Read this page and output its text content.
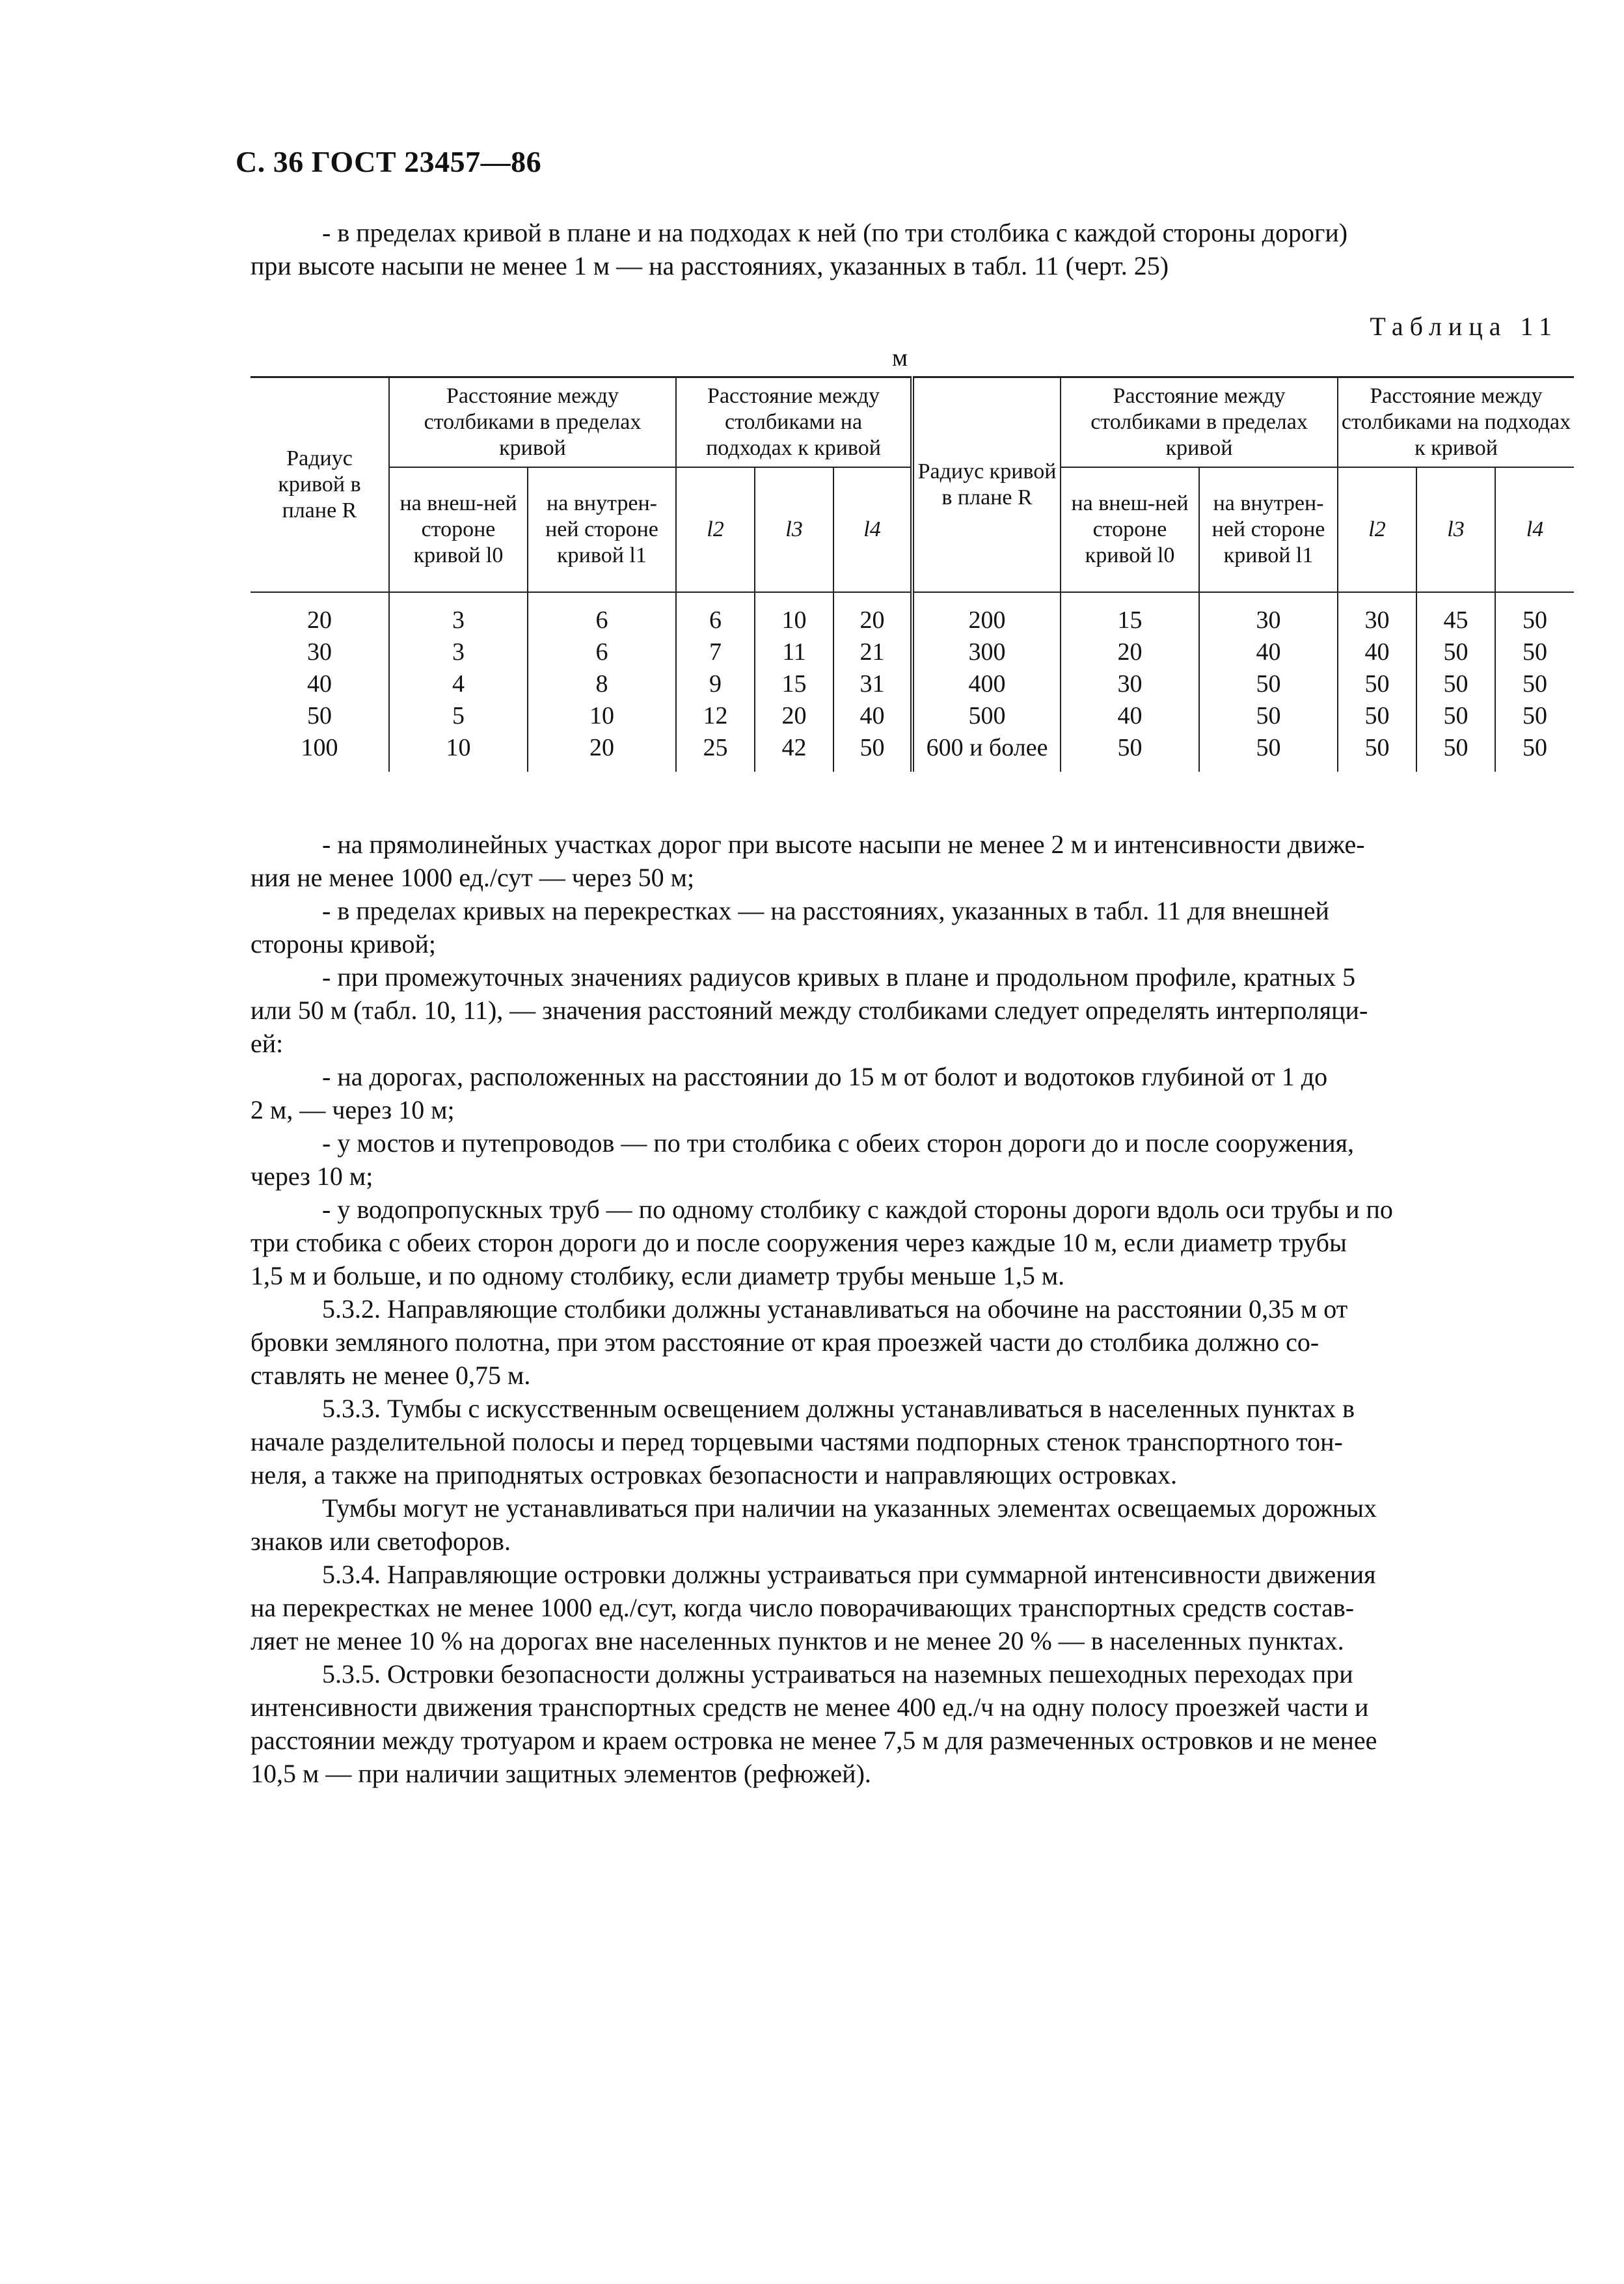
С. 36 ГОСТ 23457—86

- в пределах кривой в плане и на подходах к ней (по три столбика с каждой стороны дороги)
при высоте насыпи не менее 1 м — на расстояниях, указанных в табл. 11 (черт. 25)

Таблица 11
м
Радиус кривой в плане R	Расстояние между столбиками в пределах кривой		Расстояние между столбиками на подходах к кривой			Радиус кривой в плане R	Расстояние между столбиками в пределах кривой		Расстояние между столбиками на подходах к кривой		
	на внеш-ней стороне кривой l0	на внутрен-ней стороне кривой l1	l2	l3	l4		на внеш-ней стороне кривой l0	на внутрен-ней стороне кривой l1	l2	l3	l4
20	3	6	6	10	20	200	15	30	30	45	50
30	3	6	7	11	21	300	20	40	40	50	50
40	4	8	9	15	31	400	30	50	50	50	50
50	5	10	12	20	40	500	40	50	50	50	50
100	10	20	25	42	50	600 и более	50	50	50	50	50

- на прямолинейных участках дорог при высоте насыпи не менее 2 м и интенсивности движе-
ния не менее 1000 ед./сут — через 50 м;

- в пределах кривых на перекрестках — на расстояниях, указанных в табл. 11 для внешней
стороны кривой;

- при промежуточных значениях радиусов кривых в плане и продольном профиле, кратных 5
или 50 м (табл. 10, 11), — значения расстояний между столбиками следует определять интерполяци-
ей:

- на дорогах, расположенных на расстоянии до 15 м от болот и водотоков глубиной от 1 до
2 м, — через 10 м;

- у мостов и путепроводов — по три столбика с обеих сторон дороги до и после сооружения,
через 10 м;

- у водопропускных труб — по одному столбику с каждой стороны дороги вдоль оси трубы и по
три стобика с обеих сторон дороги до и после сооружения через каждые 10 м, если диаметр трубы
1,5 м и больше, и по одному столбику, если диаметр трубы меньше 1,5 м.

5.3.2. Направляющие столбики должны устанавливаться на обочине на расстоянии 0,35 м от
бровки земляного полотна, при этом расстояние от края проезжей части до столбика должно со-
ставлять не менее 0,75 м.

5.3.3. Тумбы с искусственным освещением должны устанавливаться в населенных пунктах в
начале разделительной полосы и перед торцевыми частями подпорных стенок транспортного тон-
неля, а также на приподнятых островках безопасности и направляющих островках.

Тумбы могут не устанавливаться при наличии на указанных элементах освещаемых дорожных
знаков или светофоров.

5.3.4. Направляющие островки должны устраиваться при суммарной интенсивности движения
на перекрестках не менее 1000 ед./сут, когда число поворачивающих транспортных средств состав-
ляет не менее 10 % на дорогах вне населенных пунктов и не менее 20 % — в населенных пунктах.

5.3.5. Островки безопасности должны устраиваться на наземных пешеходных переходах при
интенсивности движения транспортных средств не менее 400 ед./ч на одну полосу проезжей части и
расстоянии между тротуаром и краем островка не менее 7,5 м для размеченных островков и не менее
10,5 м — при наличии защитных элементов (рефюжей).
